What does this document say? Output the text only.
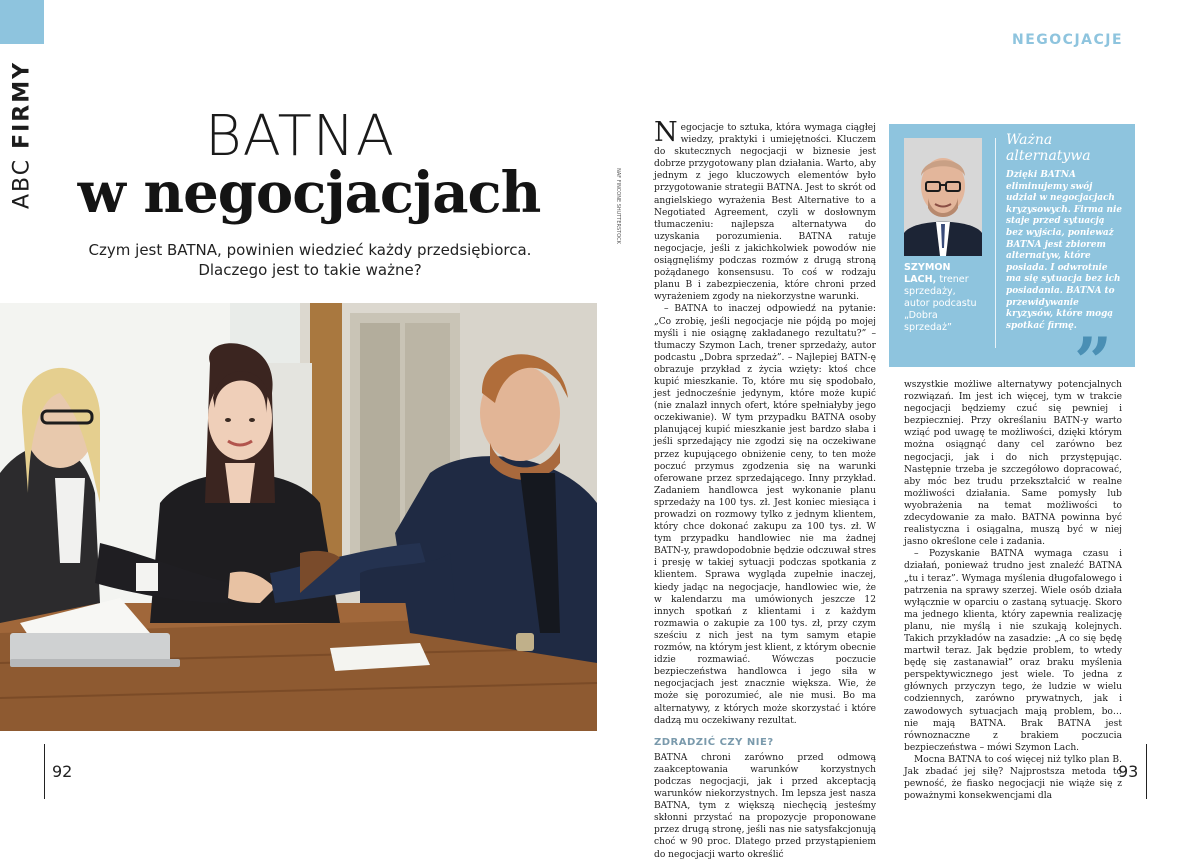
ABC FIRMY	BATNA
w negocjacjach
Czym jest BATNA, powinien wiedzieć każdy przedsiębiorca.
Dlaczego jest to takie ważne?
NAF FINCONE SHUTTERSTOCK
92
NEGOCJACJE

Negocjacje to sztuka, która wymaga ciągłej wiedzy, praktyki i umiejętności. Kluczem do skutecznych negocjacji w biznesie jest dobrze przygotowany plan działania. Warto, aby jednym z jego kluczowych elementów było przygotowanie strategii BATNA. Jest to skrót od angielskiego wyrażenia Best Alternative to a Negotiated Agreement, czyli w dosłownym tłumaczeniu: najlepsza alternatywa do uzyskania porozumienia. BATNA ratuje negocjacje, jeśli z jakichkolwiek powodów nie osiągnęliśmy podczas rozmów z drugą stroną pożądanego konsensusu. To coś w rodzaju planu B i zabezpieczenia, które chroni przed wyrażeniem zgody na niekorzystne warunki.

– BATNA to inaczej odpowiedź na pytanie: „Co zrobię, jeśli negocjacje nie pójdą po mojej myśli i nie osiągnę zakładanego rezultatu?” – tłumaczy Szymon Lach, trener sprzedaży, autor podcastu „Dobra sprzedaż”. – Najlepiej BATN-ę obrazuje przykład z życia wzięty: ktoś chce kupić mieszkanie. To, które mu się spodobało, jest jednocześnie jedynym, które może kupić (nie znalazł innych ofert, które spełniałyby jego oczekiwanie). W tym przypadku BATNA osoby planującej kupić mieszkanie jest bardzo słaba i jeśli sprzedający nie zgodzi się na oczekiwane przez kupującego obniżenie ceny, to ten może poczuć przymus zgodzenia się na warunki oferowane przez sprzedającego. Inny przykład. Zadaniem handlowca jest wykonanie planu sprzedaży na 100 tys. zł. Jest koniec miesiąca i prowadzi on rozmowy tylko z jednym klientem, który chce dokonać zakupu za 100 tys. zł. W tym przypadku handlowiec nie ma żadnej BATN-y, prawdopodobnie będzie odczuwał stres i presję w takiej sytuacji podczas spotkania z klientem. Sprawa wygląda zupełnie inaczej, kiedy jadąc na negocjacje, handlowiec wie, że w kalendarzu ma umówionych jeszcze 12 innych spotkań z klientami i z każdym rozmawia o zakupie za 100 tys. zł, przy czym sześciu z nich jest na tym samym etapie rozmów, na którym jest klient, z którym obecnie idzie rozmawiać. Wówczas poczucie bezpieczeństwa handlowca i jego siła w negocjacjach jest znacznie większa. Wie, że może się porozumieć, ale nie musi. Bo ma alternatywy, z których może skorzystać i które dadzą mu oczekiwany rezultat.

ZDRADZIĆ CZY NIE?

BATNA chroni zarówno przed odmową zaakceptowania warunków korzystnych podczas negocjacji, jak i przed akceptacją warunków niekorzystnych. Im lepsza jest nasza BATNA, tym z większą niechęcią jesteśmy skłonni przystać na propozycje proponowane przez drugą stronę, jeśli nas nie satysfakcjonują choć w 90 proc. Dlatego przed przystąpieniem do negocjacji warto określić

SZYMON LACH, trener sprzedaży, autor podcastu „Dobra sprzedaż”
Ważna alternatywa
Dzięki BATNA eliminujemy swój udział w negocjacjach kryzysowych. Firma nie staje przed sytuacją bez wyjścia, ponieważ BATNA jest zbiorem alternatyw, które posiada. I odwrotnie ma się sytuacja bez ich posiadania. BATNA to przewidywanie kryzysów, które mogą spotkać firmę.
”

wszystkie możliwe alternatywy potencjalnych rozwiązań. Im jest ich więcej, tym w trakcie negocjacji będziemy czuć się pewniej i bezpieczniej. Przy określaniu BATN-y warto wziąć pod uwagę te możliwości, dzięki którym można osiągnąć dany cel zarówno bez negocjacji, jak i do nich przystępując. Następnie trzeba je szczegółowo dopracować, aby móc bez trudu przekształcić w realne możliwości działania. Same pomysły lub wyobrażenia na temat możliwości to zdecydowanie za mało. BATNA powinna być realistyczna i osiągalna, muszą być w niej jasno określone cele i zadania.

– Pozyskanie BATNA wymaga czasu i działań, ponieważ trudno jest znaleźć BATNA „tu i teraz”. Wymaga myślenia długofalowego i patrzenia na sprawy szerzej. Wiele osób działa wyłącznie w oparciu o zastaną sytuację. Skoro ma jednego klienta, który zapewnia realizację planu, nie myślą i nie szukają kolejnych. Takich przykładów na zasadzie: „A co się będę martwił teraz. Jak będzie problem, to wtedy będę się zastanawiał” oraz braku myślenia perspektywicznego jest wiele. To jedna z głównych przyczyn tego, że ludzie w wielu codziennych, zarówno prywatnych, jak i zawodowych sytuacjach mają problem, bo… nie mają BATNA. Brak BATNA jest równoznaczne z brakiem poczucia bezpieczeństwa – mówi Szymon Lach.

Mocna BATNA to coś więcej niż tylko plan B. Jak zbadać jej siłę? Najprostsza metoda to pewność, że fiasko negocjacji nie wiąże się z poważnymi konsekwencjami dla

93
